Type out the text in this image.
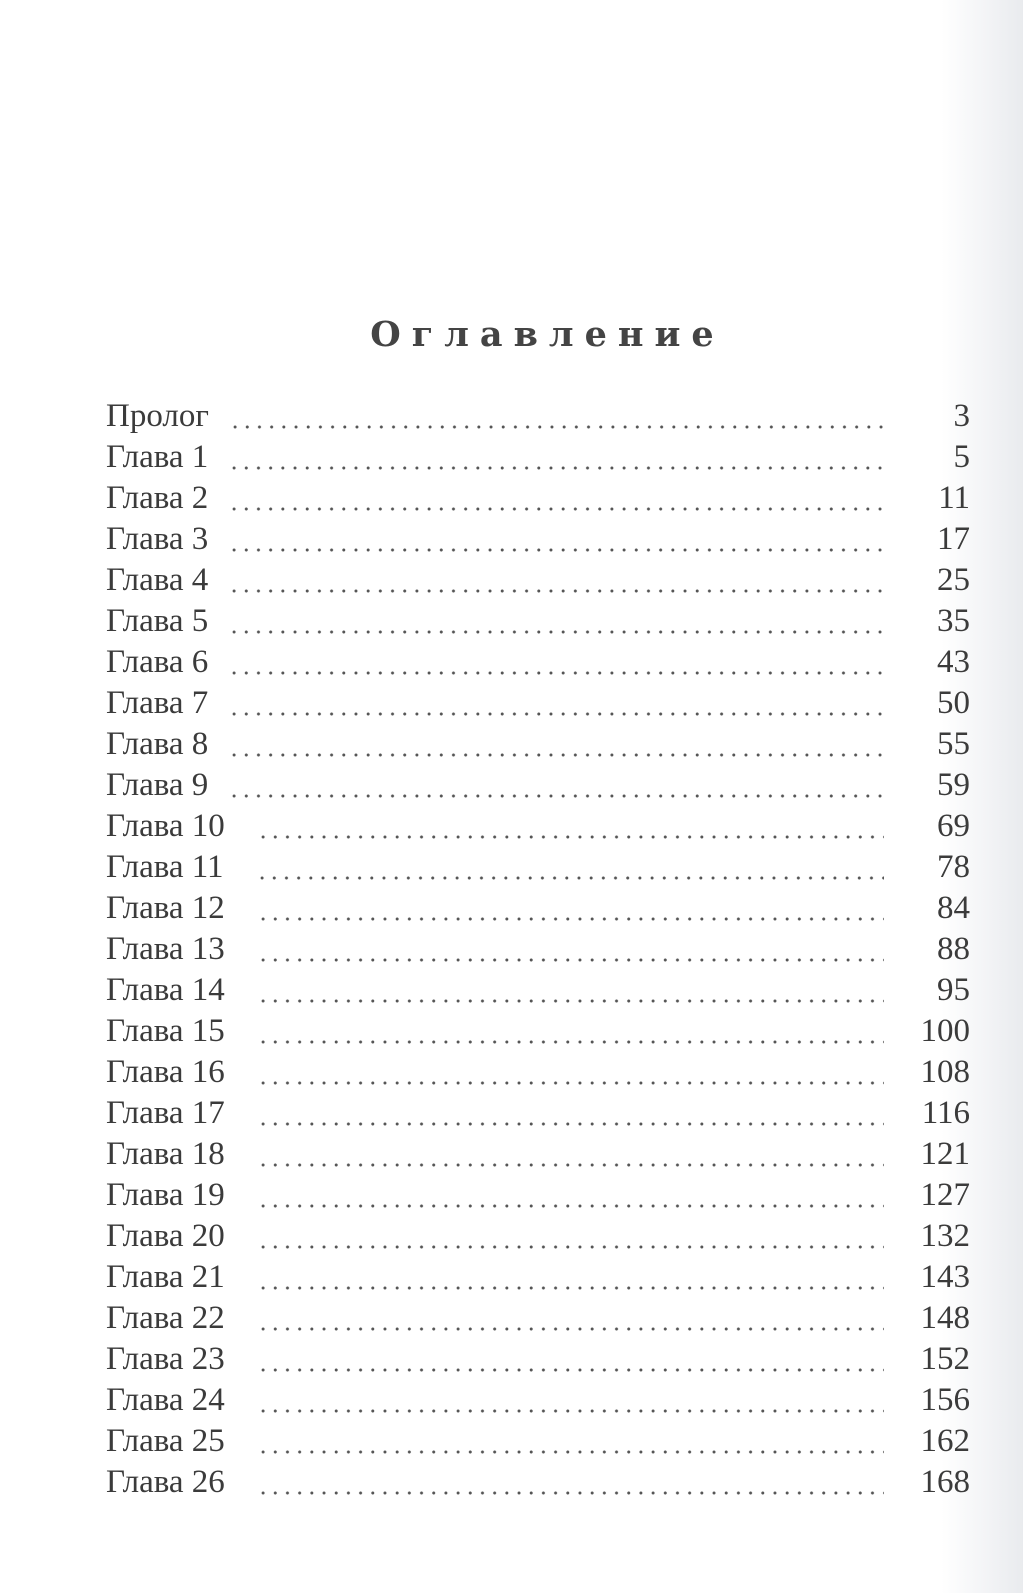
Оглавление
Пролог	3
Глава 1	5
Глава 2	11
Глава 3	17
Глава 4	25
Глава 5	35
Глава 6	43
Глава 7	50
Глава 8	55
Глава 9	59
Глава 10	69
Глава 11	78
Глава 12	84
Глава 13	88
Глава 14	95
Глава 15	100
Глава 16	108
Глава 17	116
Глава 18	121
Глава 19	127
Глава 20	132
Глава 21	143
Глава 22	148
Глава 23	152
Глава 24	156
Глава 25	162
Глава 26	168
